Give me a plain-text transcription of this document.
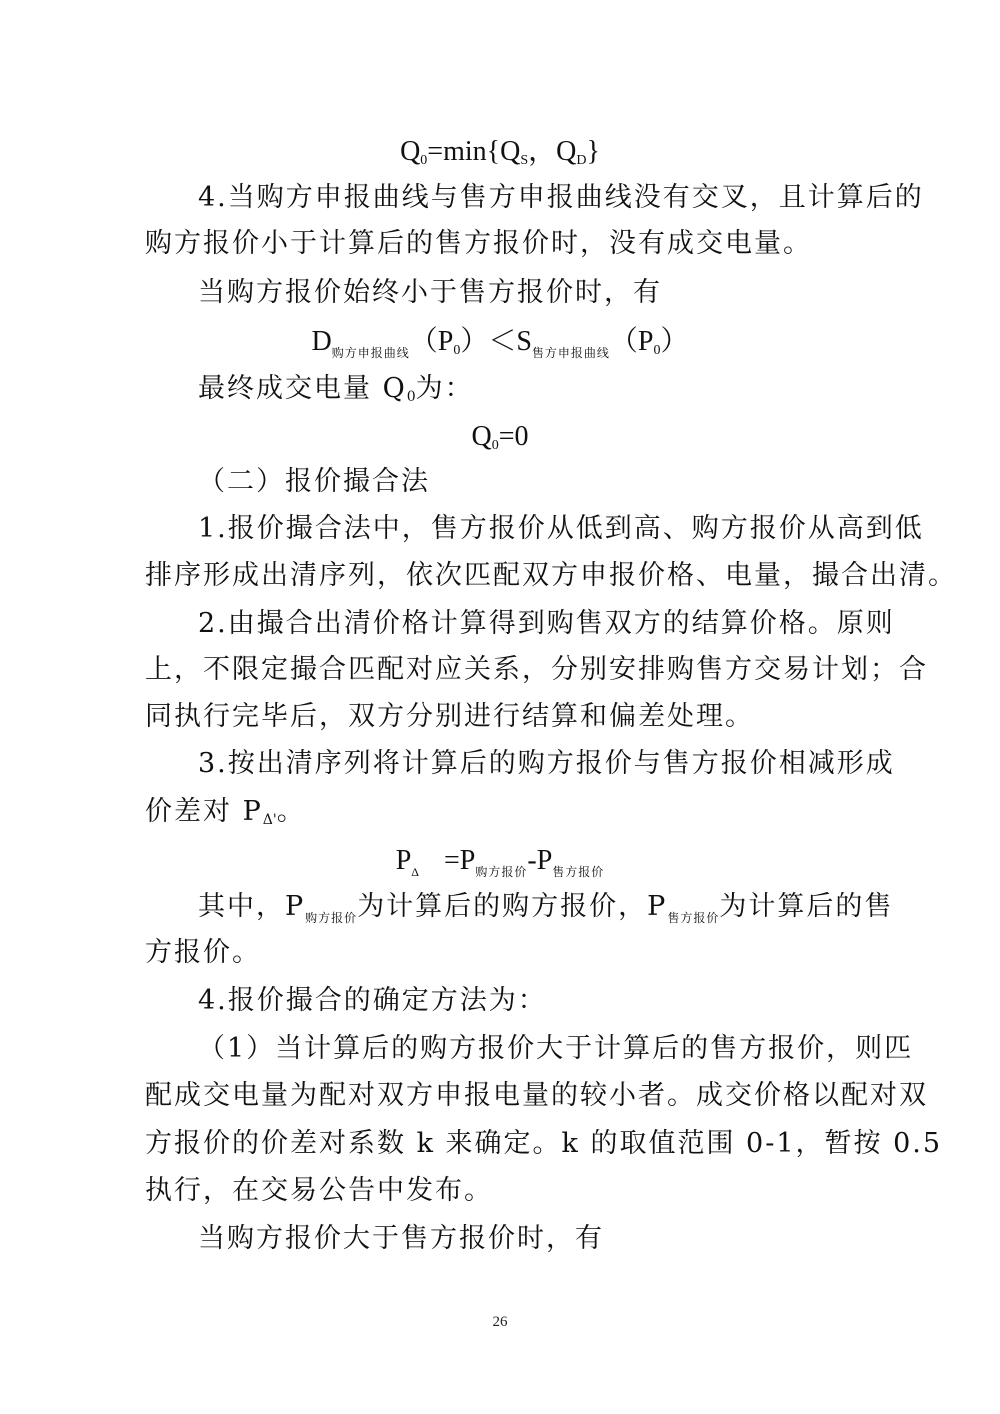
$Q_0=\min\{Q_S$，$Q_D$}
4.当购方申报曲线与售方申报曲线没有交叉，且计算后的
购方报价小于计算后的售方报价时，没有成交电量。
当购方报价始终小于售方报价时，有
$D_{购方申报曲线}(P_0)<S_{售方申报曲线}(P_0)$
最终成交电量 $Q_0$为：
$Q_0=0$
（二）报价撮合法
1.报价撮合法中，售方报价从低到高、购方报价从高到低
排序形成出清序列，依次匹配双方申报价格、电量，撮合出清。
2.由撮合出清价格计算得到购售双方的结算价格。原则
上，不限定撮合匹配对应关系，分别安排购售方交易计划；合
同执行完毕后，双方分别进行结算和偏差处理。
3.按出清序列将计算后的购方报价与售方报价相减形成
价差对 $P_{\Delta'}$。
$P_\Delta =P_{购方报价}-P_{售方报价}$
其中，$P_{购方报价}$为计算后的购方报价，$P_{售方报价}$为计算后的售
方报价。
4.报价撮合的确定方法为：
（1）当计算后的购方报价大于计算后的售方报价，则匹
配成交电量为配对双方申报电量的较小者。成交价格以配对双
方报价的价差对系数 k 来确定。k 的取值范围 0-1，暂按 0.5
执行，在交易公告中发布。
当购方报价大于售方报价时，有
26
